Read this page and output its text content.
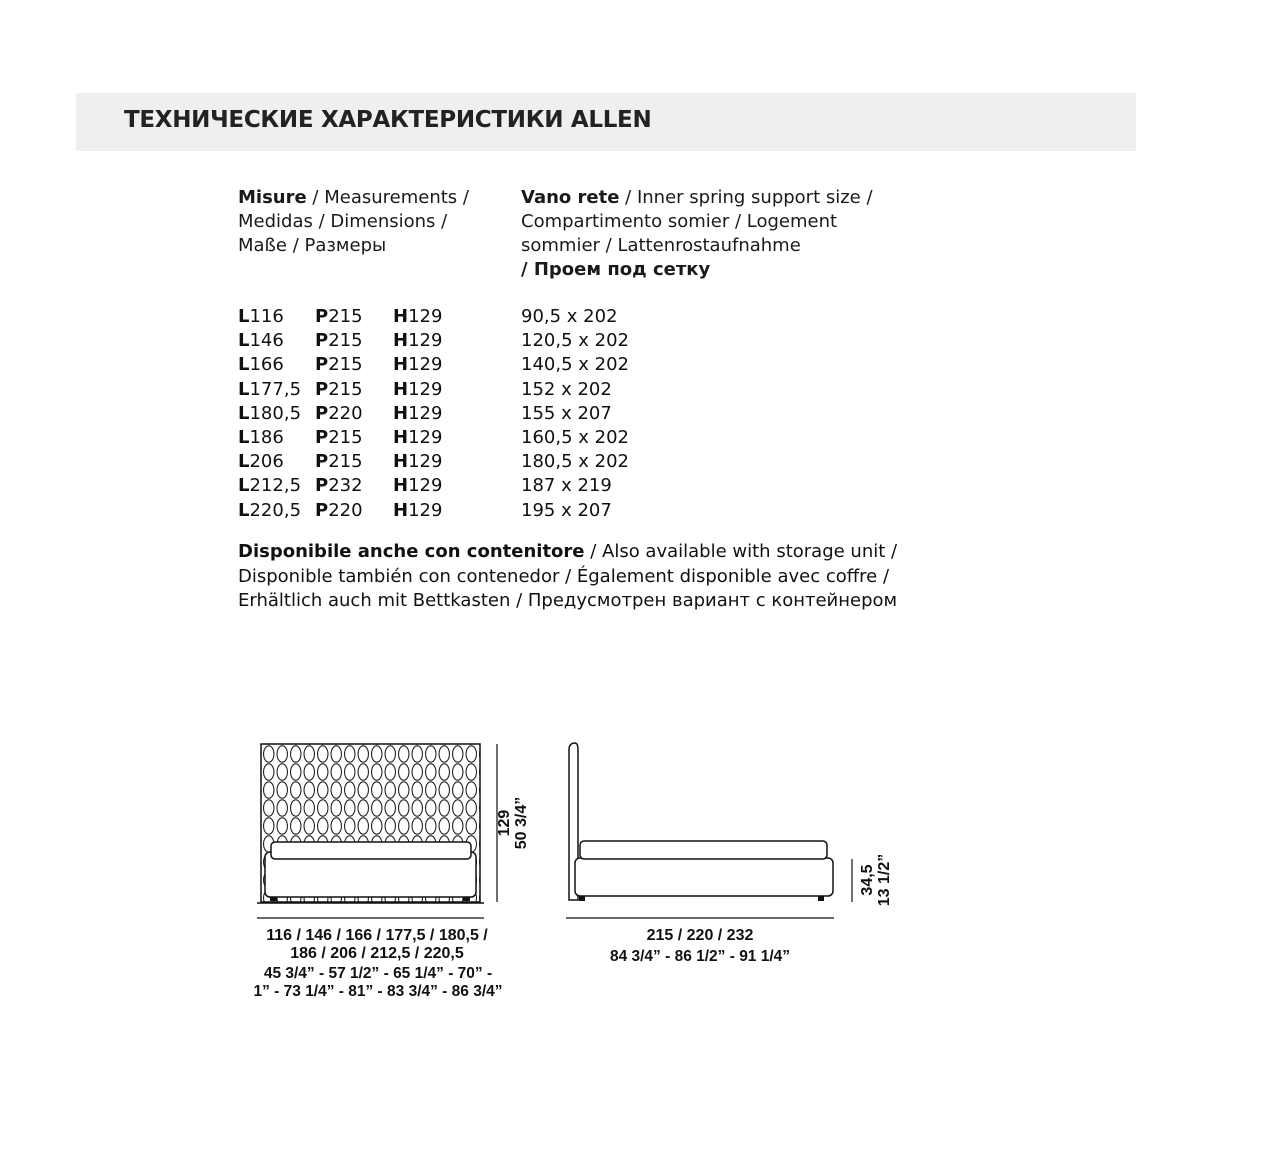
ТЕХНИЧЕСКИЕ ХАРАКТЕРИСТИКИ ALLEN
Misure / Measurements /
Medidas / Dimensions /
Maße / Размеры
Vano rete / Inner spring support size /
Compartimento somier / Logement
sommier / Lattenrostaufnahme
/ Проем под сетку
L116 P215 H129	90,5 x 202
L146 P215 H129	120,5 x 202
L166 P215 H129	140,5 x 202
L177,5 P215 H129	152 x 202
L180,5 P220 H129	155 x 207
L186 P215 H129	160,5 x 202
L206 P215 H129	180,5 x 202
L212,5 P232 H129	187 x 219
L220,5 P220 H129	195 x 207
Disponibile anche con contenitore / Also available with storage unit /
Disponible también con contenedor / Également disponible avec coffre /
Erhältlich auch mit Bettkasten / Предусмотрен вариант с контейнером
116 / 146 / 166 / 177,5 / 180,5 /
186 / 206 / 212,5 / 220,5
45 3/4” - 57 1/2” - 65 1/4” - 70” -
1” - 73 1/4” - 81” - 83 3/4” - 86 3/4”
129 50 3/4”
215 / 220 / 232
84 3/4” - 86 1/2” - 91 1/4”
34,5 13 1/2”
